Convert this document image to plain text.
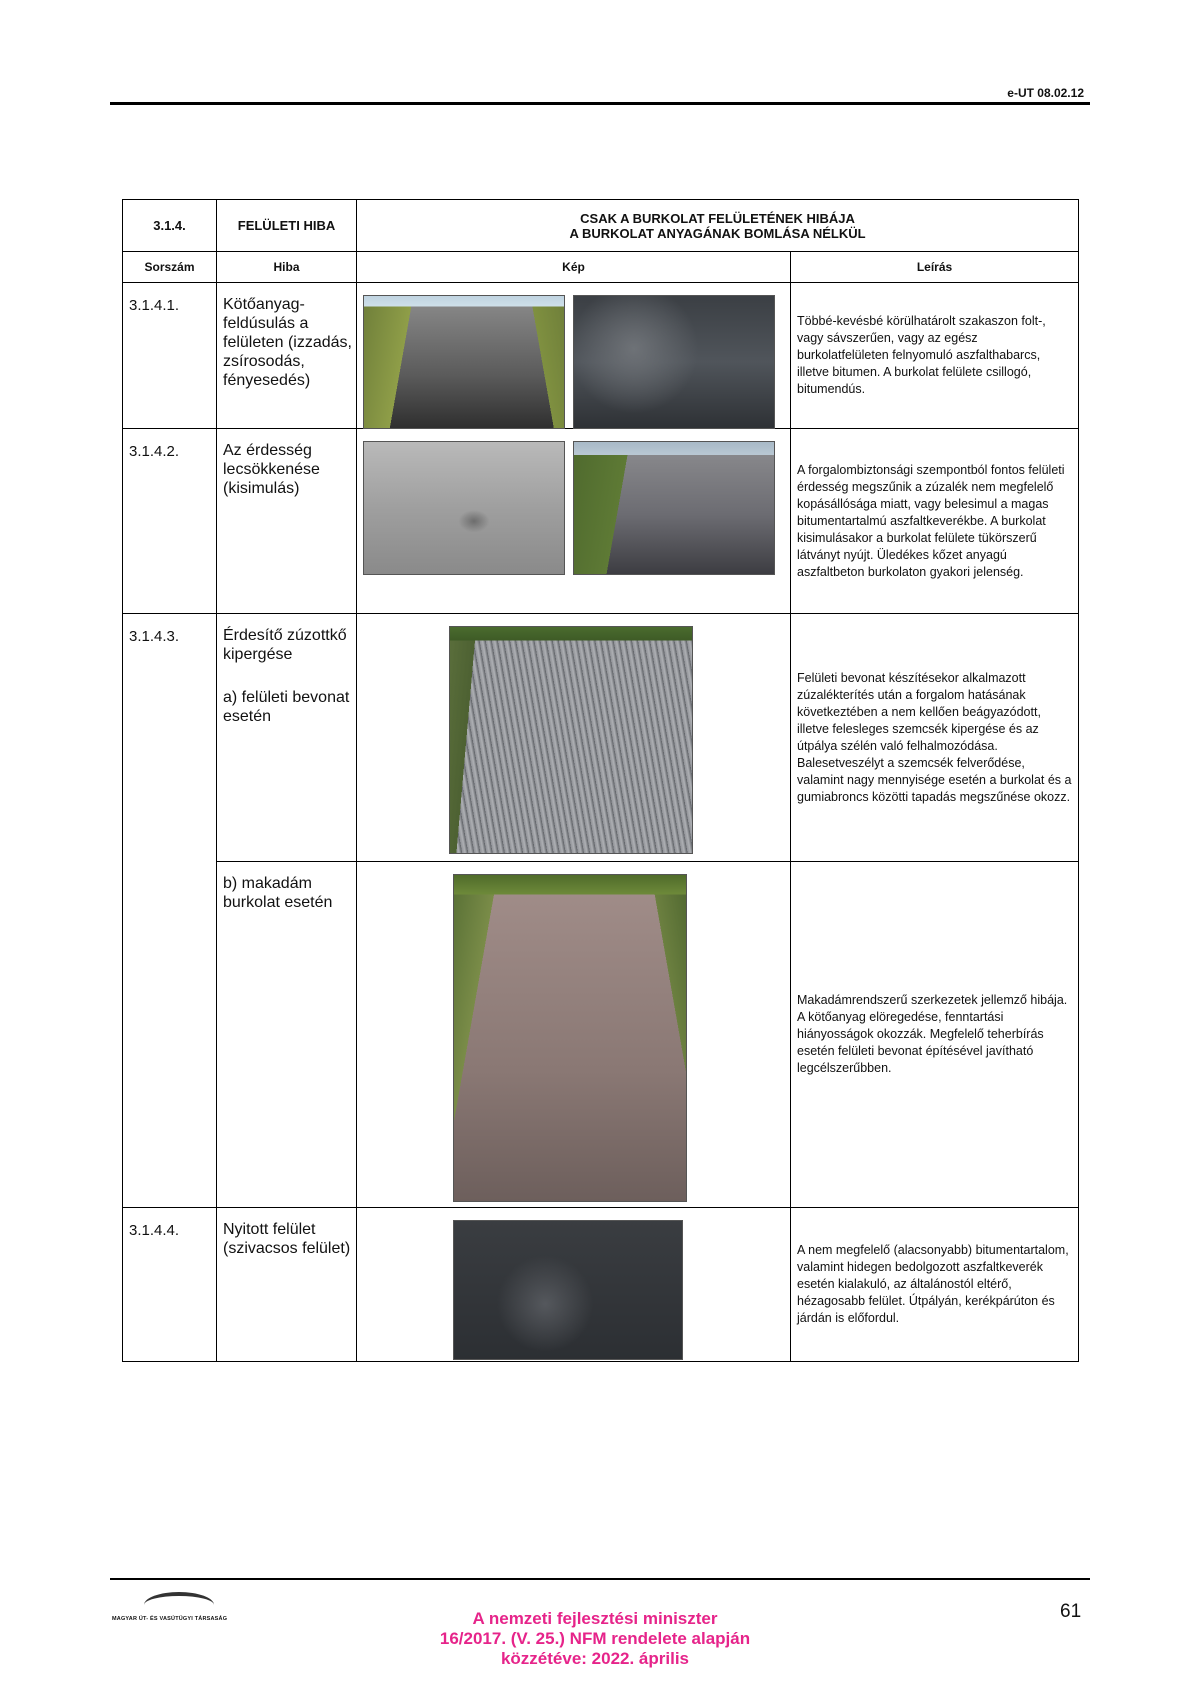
e-UT 08.02.12
3.1.4.	FELÜLETI HIBA	CSAK A BURKOLAT FELÜLETÉNEK HIBÁJA
A BURKOLAT ANYAGÁNAK BOMLÁSA NÉLKÜL	

Sorszám	Hiba	Kép	Leírás
3.1.4.1.	Kötőanyag-feldúsulás a felületen (izzadás, zsírosodás, fényesedés)		Többé-kevésbé körülhatárolt szakaszon folt-, vagy sávszerűen, vagy az egész burkolatfelületen felnyomuló aszfalthabarcs, illetve bitumen. A burkolat felülete csillogó, bitumendús.
3.1.4.2.	Az érdesség lecsökkenése (kisimulás)		A forgalombiztonsági szempontból fontos felületi érdesség megszűnik a zúzalék nem megfelelő kopásállósága miatt, vagy belesimul a magas bitumentartalmú aszfaltkeverékbe. A burkolat kisimulásakor a burkolat felülete tükörszerű látványt nyújt. Üledékes kőzet anyagú aszfaltbeton burkolaton gyakori jelenség.
3.1.4.3.	Érdesítő zúzottkő kipergése
a) felületi bevonat esetén		Felületi bevonat készítésekor alkalmazott zúzalékterítés után a forgalom hatásának következtében a nem kellően beágyazódott, illetve felesleges szemcsék kipergése és az útpálya szélén való felhalmozódása. Balesetveszélyt a szemcsék felverődése, valamint nagy mennyisége esetén a burkolat és a gumiabroncs közötti tapadás megszűnése okozz.
	b) makadám burkolat esetén		Makadámrendszerű szerkezetek jellemző hibája. A kötőanyag elöregedése, fenntartási hiányosságok okozzák. Megfelelő teherbírás esetén felületi bevonat építésével javítható legcélszerűbben.
3.1.4.4.	Nyitott felület (szivacsos felület)		A nem megfelelő (alacsonyabb) bitumentartalom, valamint hidegen bedolgozott aszfaltkeverék esetén kialakuló, az általánostól eltérő, hézagosabb felület. Útpályán, kerékpárúton és járdán is előfordul.
MAGYAR ÚT- ÉS VASÚTÜGYI TÁRSASÁG	61
A nemzeti fejlesztési miniszter
16/2017. (V. 25.) NFM rendelete alapján
közzétéve: 2022. április
